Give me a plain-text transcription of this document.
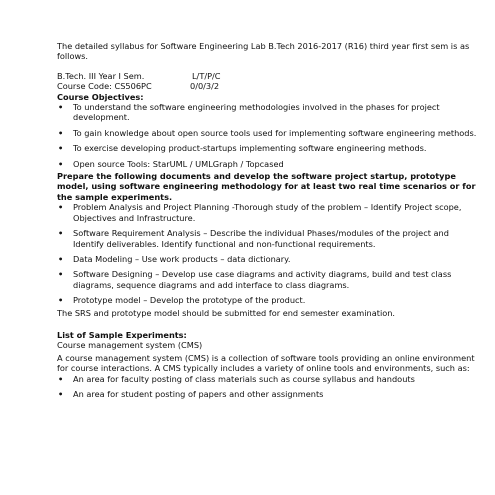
The detailed syllabus for Software Engineering Lab B.Tech 2016-2017 (R16) third year first sem is as follows.

B.Tech. III Year I Sem.	L/T/P/C
Course Code: CS506PC	0/0/3/2

Course Objectives:

• To understand the software engineering methodologies involved in the phases for project development.
• To gain knowledge about open source tools used for implementing software engineering methods.
• To exercise developing product-startups implementing software engineering methods.
• Open source Tools: StarUML / UMLGraph / Topcased

Prepare the following documents and develop the software project startup, prototype model, using software engineering methodology for at least two real time scenarios or for the sample experiments.

• Problem Analysis and Project Planning -Thorough study of the problem – Identify Project scope, Objectives and Infrastructure.
• Software Requirement Analysis – Describe the individual Phases/modules of the project and Identify deliverables. Identify functional and non-functional requirements.
• Data Modeling – Use work products – data dictionary.
• Software Designing – Develop use case diagrams and activity diagrams, build and test class diagrams, sequence diagrams and add interface to class diagrams.
• Prototype model – Develop the prototype of the product.

The SRS and prototype model should be submitted for end semester examination.

List of Sample Experiments:

Course management system (CMS)

A course management system (CMS) is a collection of software tools providing an online environment for course interactions. A CMS typically includes a variety of online tools and environments, such as:

• An area for faculty posting of class materials such as course syllabus and handouts
• An area for student posting of papers and other assignments
